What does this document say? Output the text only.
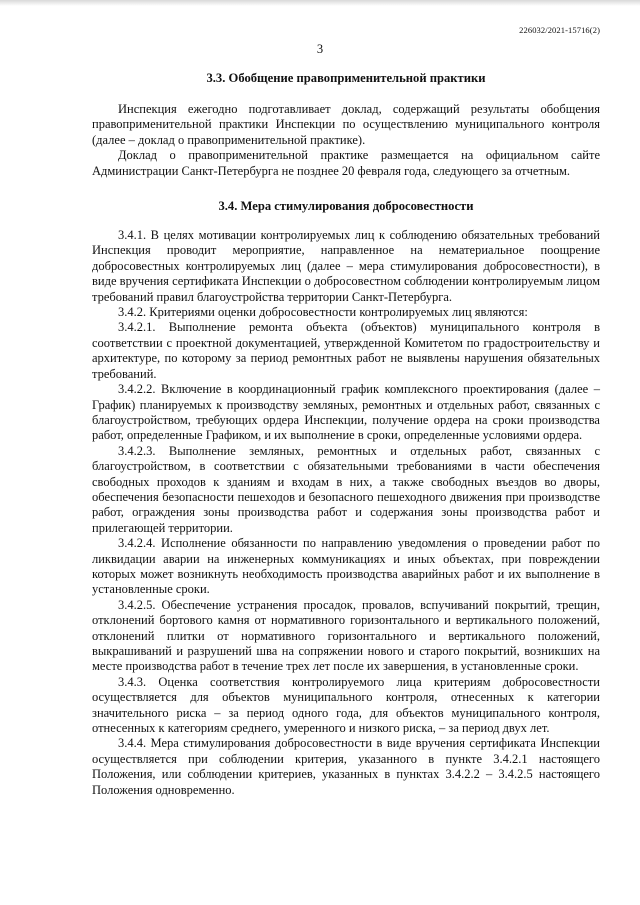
226032/2021-15716(2)
3
3.3. Обобщение правоприменительной практики

Инспекция ежегодно подготавливает доклад, содержащий результаты обобщения правоприменительной практики Инспекции по осуществлению муниципального контроля (далее – доклад о правоприменительной практике).

Доклад о правоприменительной практике размещается на официальном сайте Администрации Санкт-Петербурга не позднее 20 февраля года, следующего за отчетным.

3.4. Мера стимулирования добросовестности

3.4.1. В целях мотивации контролируемых лиц к соблюдению обязательных требований Инспекция проводит мероприятие, направленное на нематериальное поощрение добросовестных контролируемых лиц (далее – мера стимулирования добросовестности), в виде вручения сертификата Инспекции о добросовестном соблюдении контролируемым лицом требований правил благоустройства территории Санкт-Петербурга.

3.4.2. Критериями оценки добросовестности контролируемых лиц являются:

3.4.2.1. Выполнение ремонта объекта (объектов) муниципального контроля в соответствии с проектной документацией, утвержденной Комитетом по градостроительству и архитектуре, по которому за период ремонтных работ не выявлены нарушения обязательных требований.

3.4.2.2. Включение в координационный график комплексного проектирования (далее – График) планируемых к производству земляных, ремонтных и отдельных работ, связанных с благоустройством, требующих ордера Инспекции, получение ордера на сроки производства работ, определенные Графиком, и их выполнение в сроки, определенные условиями ордера.

3.4.2.3. Выполнение земляных, ремонтных и отдельных работ, связанных с благоустройством, в соответствии с обязательными требованиями в части обеспечения свободных проходов к зданиям и входам в них, а также свободных въездов во дворы, обеспечения безопасности пешеходов и безопасного пешеходного движения при производстве работ, ограждения зоны производства работ и содержания зоны производства работ и прилегающей территории.

3.4.2.4. Исполнение обязанности по направлению уведомления о проведении работ по ликвидации аварии на инженерных коммуникациях и иных объектах, при повреждении которых может возникнуть необходимость производства аварийных работ и их выполнение в установленные сроки.

3.4.2.5. Обеспечение устранения просадок, провалов, вспучиваний покрытий, трещин, отклонений бортового камня от нормативного горизонтального и вертикального положений, отклонений плитки от нормативного горизонтального и вертикального положений, выкрашиваний и разрушений шва на сопряжении нового и старого покрытий, возникших на месте производства работ в течение трех лет после их завершения, в установленные сроки.

3.4.3. Оценка соответствия контролируемого лица критериям добросовестности осуществляется для объектов муниципального контроля, отнесенных к категории значительного риска – за период одного года, для объектов муниципального контроля, отнесенных к категориям среднего, умеренного и низкого риска, – за период двух лет.

3.4.4. Мера стимулирования добросовестности в виде вручения сертификата Инспекции осуществляется при соблюдении критерия, указанного в пункте 3.4.2.1 настоящего Положения, или соблюдении критериев, указанных в пунктах 3.4.2.2 – 3.4.2.5 настоящего Положения одновременно.
